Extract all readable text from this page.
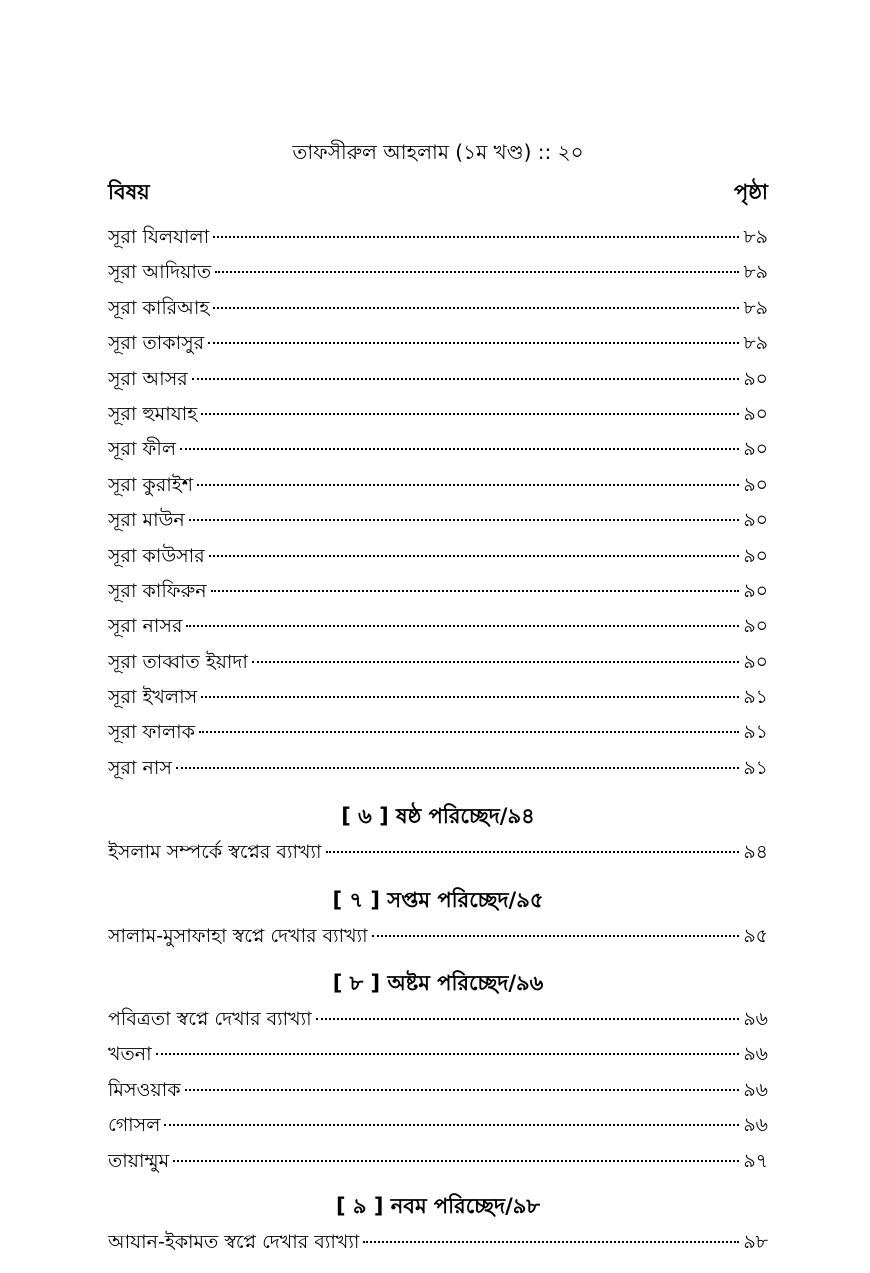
তাফসীরুল আহলাম (১ম খণ্ড) :: ২০
বিষয়	পৃষ্ঠা
সূরা যিলযালা	৮৯
সূরা আদিয়াত	৮৯
সূরা কারিআহ	৮৯
সূরা তাকাসুর	৮৯
সূরা আসর	৯০
সূরা হুমাযাহ	৯০
সূরা ফীল	৯০
সূরা কুরাইশ	৯০
সূরা মাউন	৯০
সূরা কাউসার	৯০
সূরা কাফিরুন	৯০
সূরা নাসর	৯০
সূরা তাব্বাত ইয়াদা	৯০
সূরা ইখলাস	৯১
সূরা ফালাক	৯১
সূরা নাস	৯১
[ ৬ ] ষষ্ঠ পরিচ্ছেদ/৯৪
ইসলাম সম্পর্কে স্বপ্নের ব্যাখ্যা	৯৪
[ ৭ ] সপ্তম পরিচ্ছেদ/৯৫
সালাম-মুসাফাহা স্বপ্নে দেখার ব্যাখ্যা	৯৫
[ ৮ ] অষ্টম পরিচ্ছেদ/৯৬
পবিত্রতা স্বপ্নে দেখার ব্যাখ্যা	৯৬
খতনা	৯৬
মিসওয়াক	৯৬
গোসল	৯৬
তায়াম্মুম	৯৭
[ ৯ ] নবম পরিচ্ছেদ/৯৮
আযান-ইকামত স্বপ্নে দেখার ব্যাখ্যা	৯৮
